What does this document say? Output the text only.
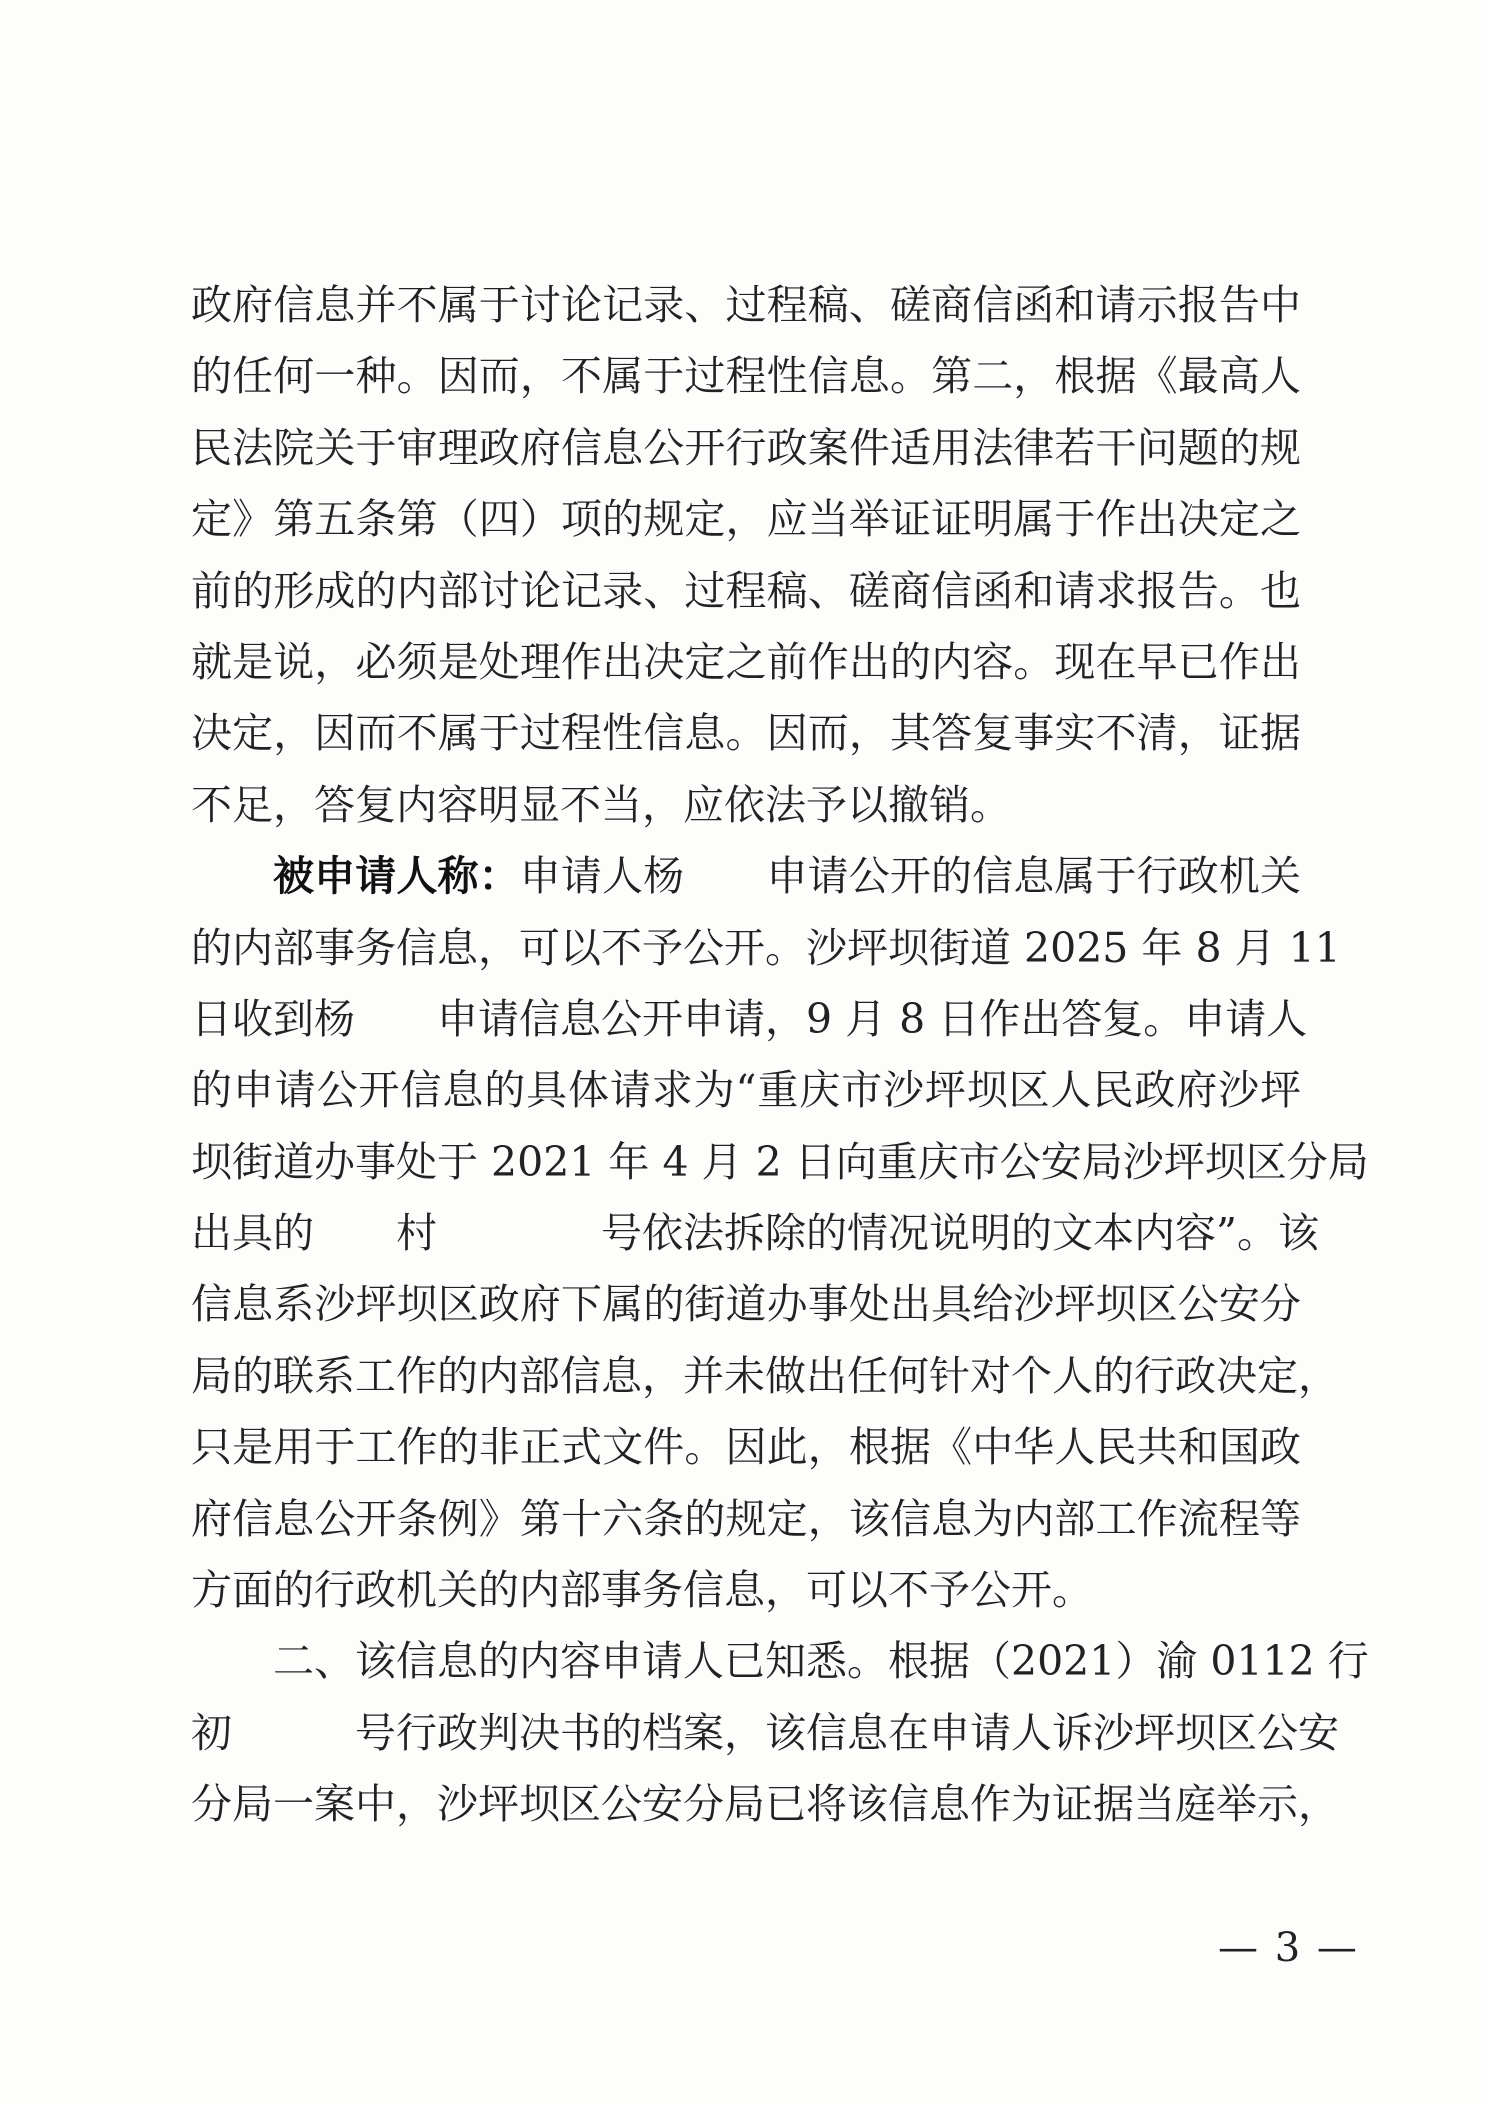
政府信息并不属于讨论记录、过程稿、磋商信函和请示报告中
的任何一种。因而，不属于过程性信息。第二，根据《最高人
民法院关于审理政府信息公开行政案件适用法律若干问题的规
定》第五条第（四）项的规定，应当举证证明属于作出决定之
前的形成的内部讨论记录、过程稿、磋商信函和请求报告。也
就是说，必须是处理作出决定之前作出的内容。现在早已作出
决定，因而不属于过程性信息。因而，其答复事实不清，证据
不足，答复内容明显不当，应依法予以撤销。
被申请人称：申请人杨　　申请公开的信息属于行政机关
的内部事务信息，可以不予公开。沙坪坝街道 2025 年 8 月 11
日收到杨　　申请信息公开申请，9 月 8 日作出答复。申请人
的申请公开信息的具体请求为“重庆市沙坪坝区人民政府沙坪
坝街道办事处于 2021 年 4 月 2 日向重庆市公安局沙坪坝区分局
出具的　　村　　　　号依法拆除的情况说明的文本内容”。该
信息系沙坪坝区政府下属的街道办事处出具给沙坪坝区公安分
局的联系工作的内部信息，并未做出任何针对个人的行政决定，
只是用于工作的非正式文件。因此，根据《中华人民共和国政
府信息公开条例》第十六条的规定，该信息为内部工作流程等
方面的行政机关的内部事务信息，可以不予公开。
二、该信息的内容申请人已知悉。根据（2021）渝 0112 行
初　　　号行政判决书的档案，该信息在申请人诉沙坪坝区公安
分局一案中，沙坪坝区公安分局已将该信息作为证据当庭举示，
— 3 —
